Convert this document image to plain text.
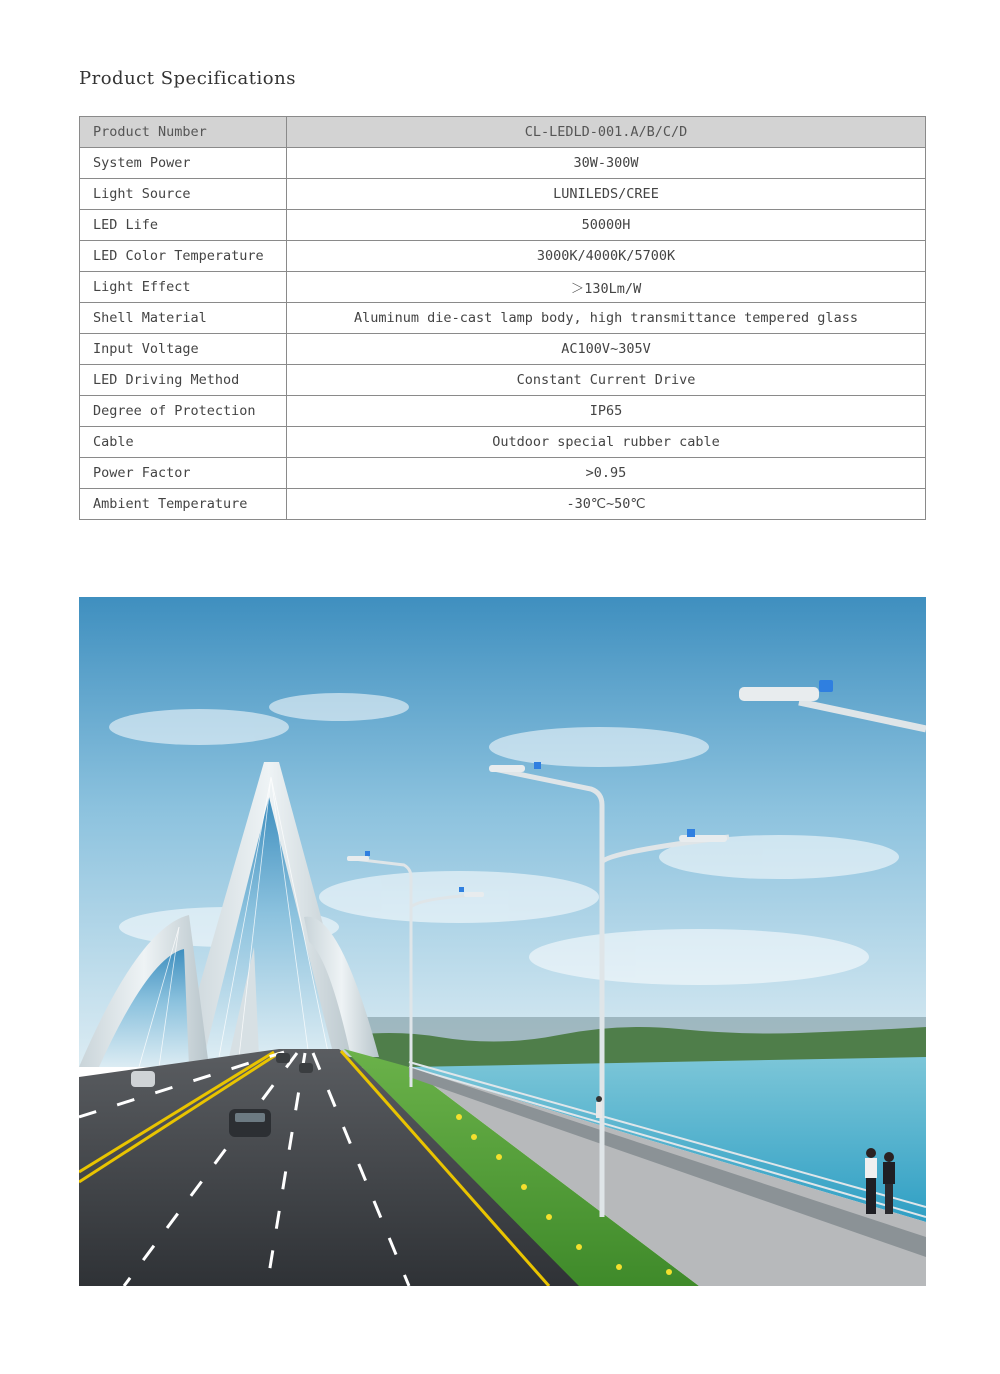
Product Specifications
Product Number	CL-LEDLD-001.A/B/C/D
System Power	30W-300W
Light Source	LUNILEDS/CREE
LED Life	50000H
LED Color Temperature	3000K/4000K/5700K
Light Effect	＞130Lm/W
Shell Material	Aluminum die-cast lamp body, high transmittance tempered glass
Input Voltage	AC100V~305V
LED Driving Method	Constant Current Drive
Degree of Protection	IP65
Cable	Outdoor special rubber cable
Power Factor	>0.95
Ambient Temperature	-30℃~50℃
